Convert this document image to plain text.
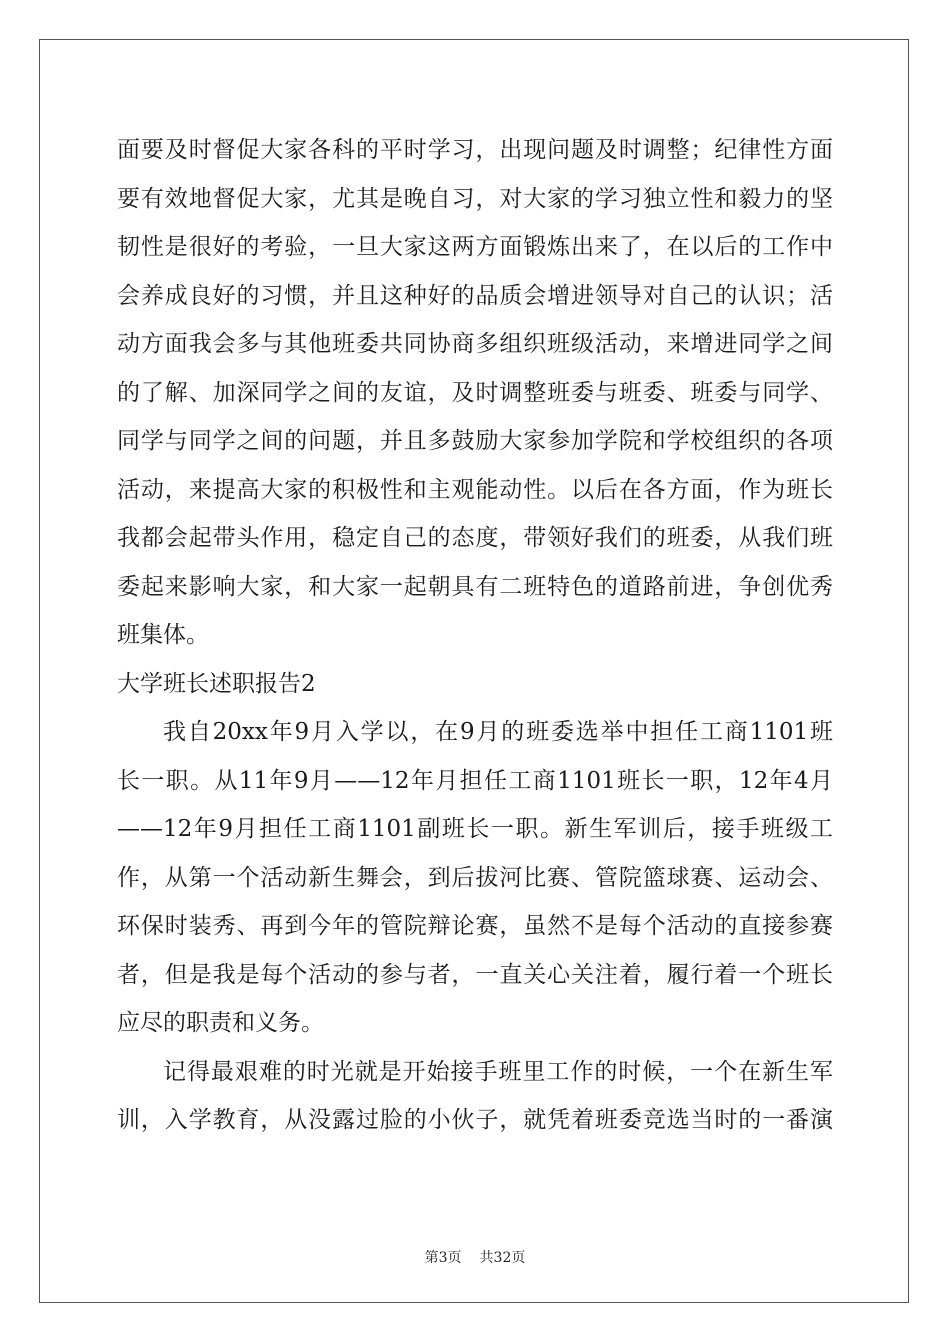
面要及时督促大家各科的平时学习，出现问题及时调整；纪律性方面
要有效地督促大家，尤其是晚自习，对大家的学习独立性和毅力的坚
韧性是很好的考验，一旦大家这两方面锻炼出来了，在以后的工作中
会养成良好的习惯，并且这种好的品质会增进领导对自己的认识；活
动方面我会多与其他班委共同协商多组织班级活动，来增进同学之间
的了解、加深同学之间的友谊，及时调整班委与班委、班委与同学、
同学与同学之间的问题，并且多鼓励大家参加学院和学校组织的各项
活动，来提高大家的积极性和主观能动性。以后在各方面，作为班长
我都会起带头作用，稳定自己的态度，带领好我们的班委，从我们班
委起来影响大家，和大家一起朝具有二班特色的道路前进，争创优秀
班集体。
大学班长述职报告2
我自20xx年9月入学以，在9月的班委选举中担任工商1101班
长一职。从11年9月——12年月担任工商1101班长一职，12年4月
——12年9月担任工商1101副班长一职。新生军训后，接手班级工
作，从第一个活动新生舞会，到后拔河比赛、管院篮球赛、运动会、
环保时装秀、再到今年的管院辩论赛，虽然不是每个活动的直接参赛
者，但是我是每个活动的参与者，一直关心关注着，履行着一个班长
应尽的职责和义务。
记得最艰难的时光就是开始接手班里工作的时候，一个在新生军
训，入学教育，从没露过脸的小伙子，就凭着班委竞选当时的一番演
第3页 共32页
